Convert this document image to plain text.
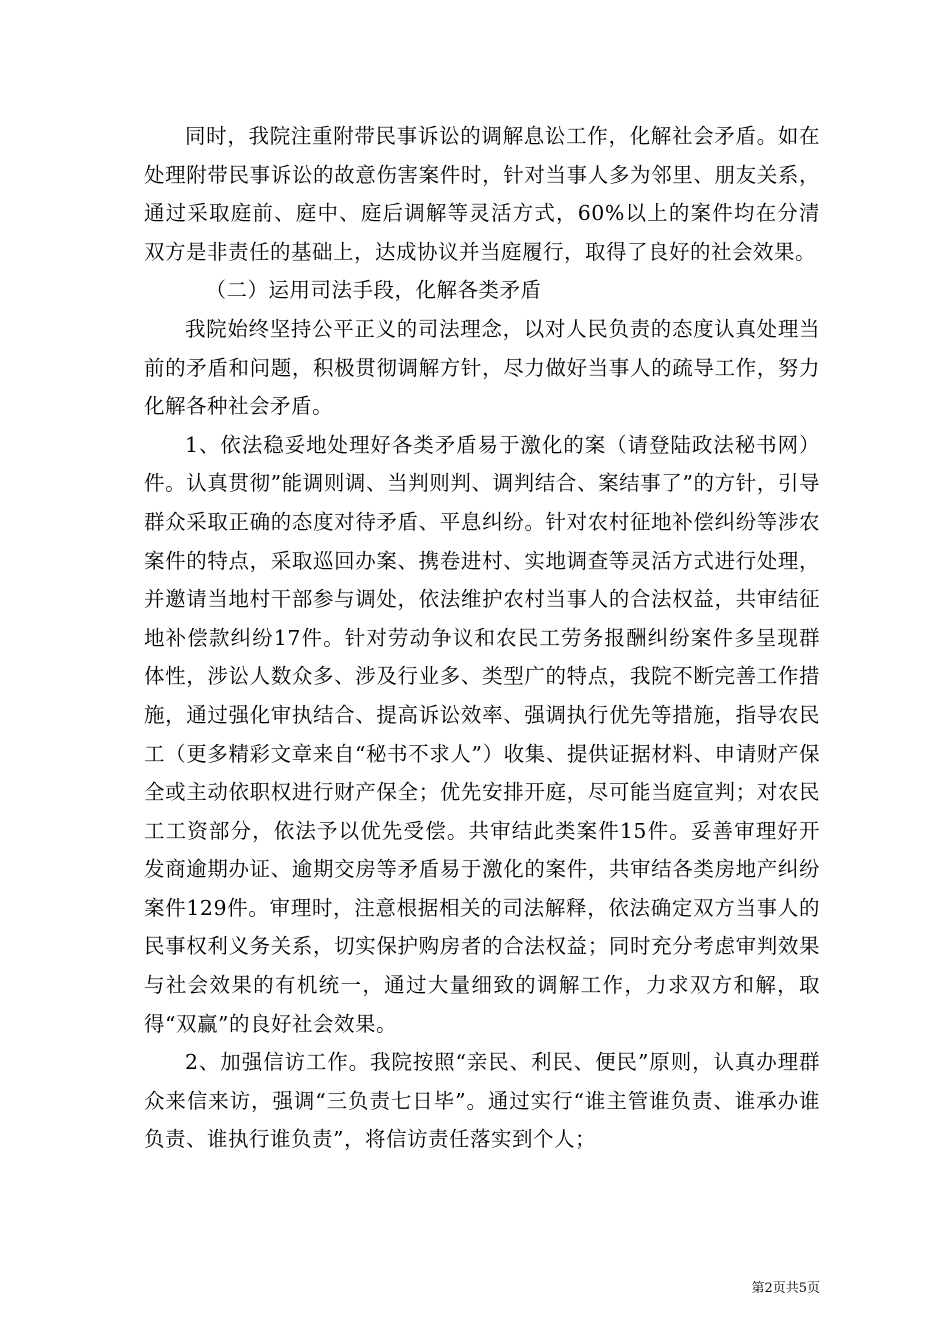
同时，我院注重附带民事诉讼的调解息讼工作，化解社会矛盾。如在处理附带民事诉讼的故意伤害案件时，针对当事人多为邻里、朋友关系，通过采取庭前、庭中、庭后调解等灵活方式，60%以上的案件均在分清双方是非责任的基础上，达成协议并当庭履行，取得了良好的社会效果。

（二）运用司法手段，化解各类矛盾

我院始终坚持公平正义的司法理念，以对人民负责的态度认真处理当前的矛盾和问题，积极贯彻调解方针，尽力做好当事人的疏导工作，努力化解各种社会矛盾。

1、依法稳妥地处理好各类矛盾易于激化的案（请登陆政法秘书网）件。认真贯彻”能调则调、当判则判、调判结合、案结事了”的方针，引导群众采取正确的态度对待矛盾、平息纠纷。针对农村征地补偿纠纷等涉农案件的特点，采取巡回办案、携卷进村、实地调查等灵活方式进行处理，并邀请当地村干部参与调处，依法维护农村当事人的合法权益，共审结征地补偿款纠纷17件。针对劳动争议和农民工劳务报酬纠纷案件多呈现群体性，涉讼人数众多、涉及行业多、类型广的特点，我院不断完善工作措施，通过强化审执结合、提高诉讼效率、强调执行优先等措施，指导农民工（更多精彩文章来自“秘书不求人”）收集、提供证据材料、申请财产保全或主动依职权进行财产保全；优先安排开庭，尽可能当庭宣判；对农民工工资部分，依法予以优先受偿。共审结此类案件15件。妥善审理好开发商逾期办证、逾期交房等矛盾易于激化的案件，共审结各类房地产纠纷案件129件。审理时，注意根据相关的司法解释，依法确定双方当事人的民事权利义务关系，切实保护购房者的合法权益；同时充分考虑审判效果与社会效果的有机统一，通过大量细致的调解工作，力求双方和解，取得“双赢”的良好社会效果。

2、加强信访工作。我院按照“亲民、利民、便民”原则，认真办理群众来信来访，强调“三负责七日毕”。通过实行“谁主管谁负责、谁承办谁负责、谁执行谁负责”，将信访责任落实到个人；

第2页共5页
